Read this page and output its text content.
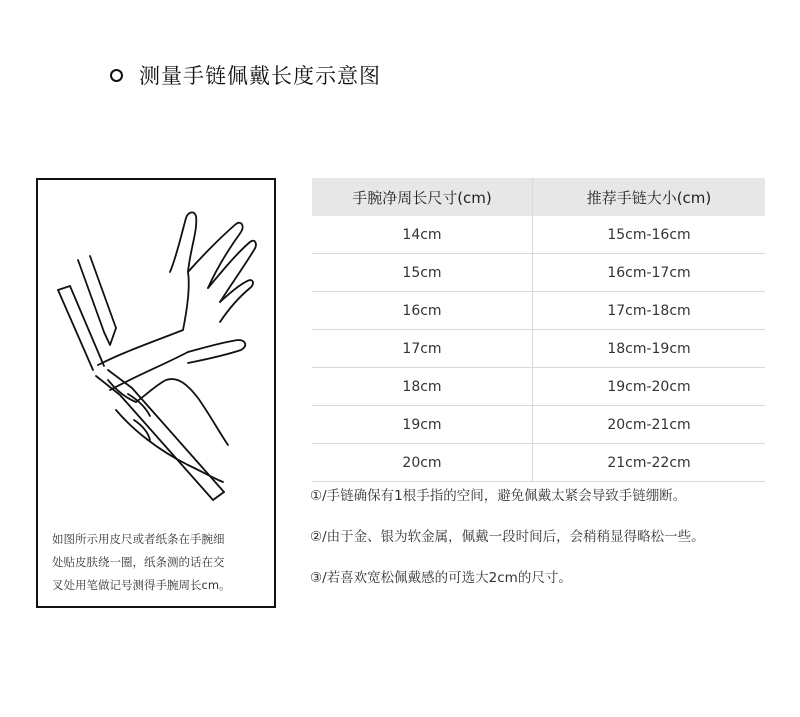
测量手链佩戴长度示意图
如图所示用皮尺或者纸条在手腕细
处贴皮肤绕一圈，纸条测的话在交
叉处用笔做记号测得手腕周长cm。
手腕净周长尺寸(cm)	推荐手链大小(cm)
14cm	15cm-16cm
15cm	16cm-17cm
16cm	17cm-18cm
17cm	18cm-19cm
18cm	19cm-20cm
19cm	20cm-21cm
20cm	21cm-22cm
①/手链确保有1根手指的空间，避免佩戴太紧会导致手链绷断。
②/由于金、银为软金属，佩戴一段时间后，会稍稍显得略松一些。
③/若喜欢宽松佩戴感的可选大2cm的尺寸。
